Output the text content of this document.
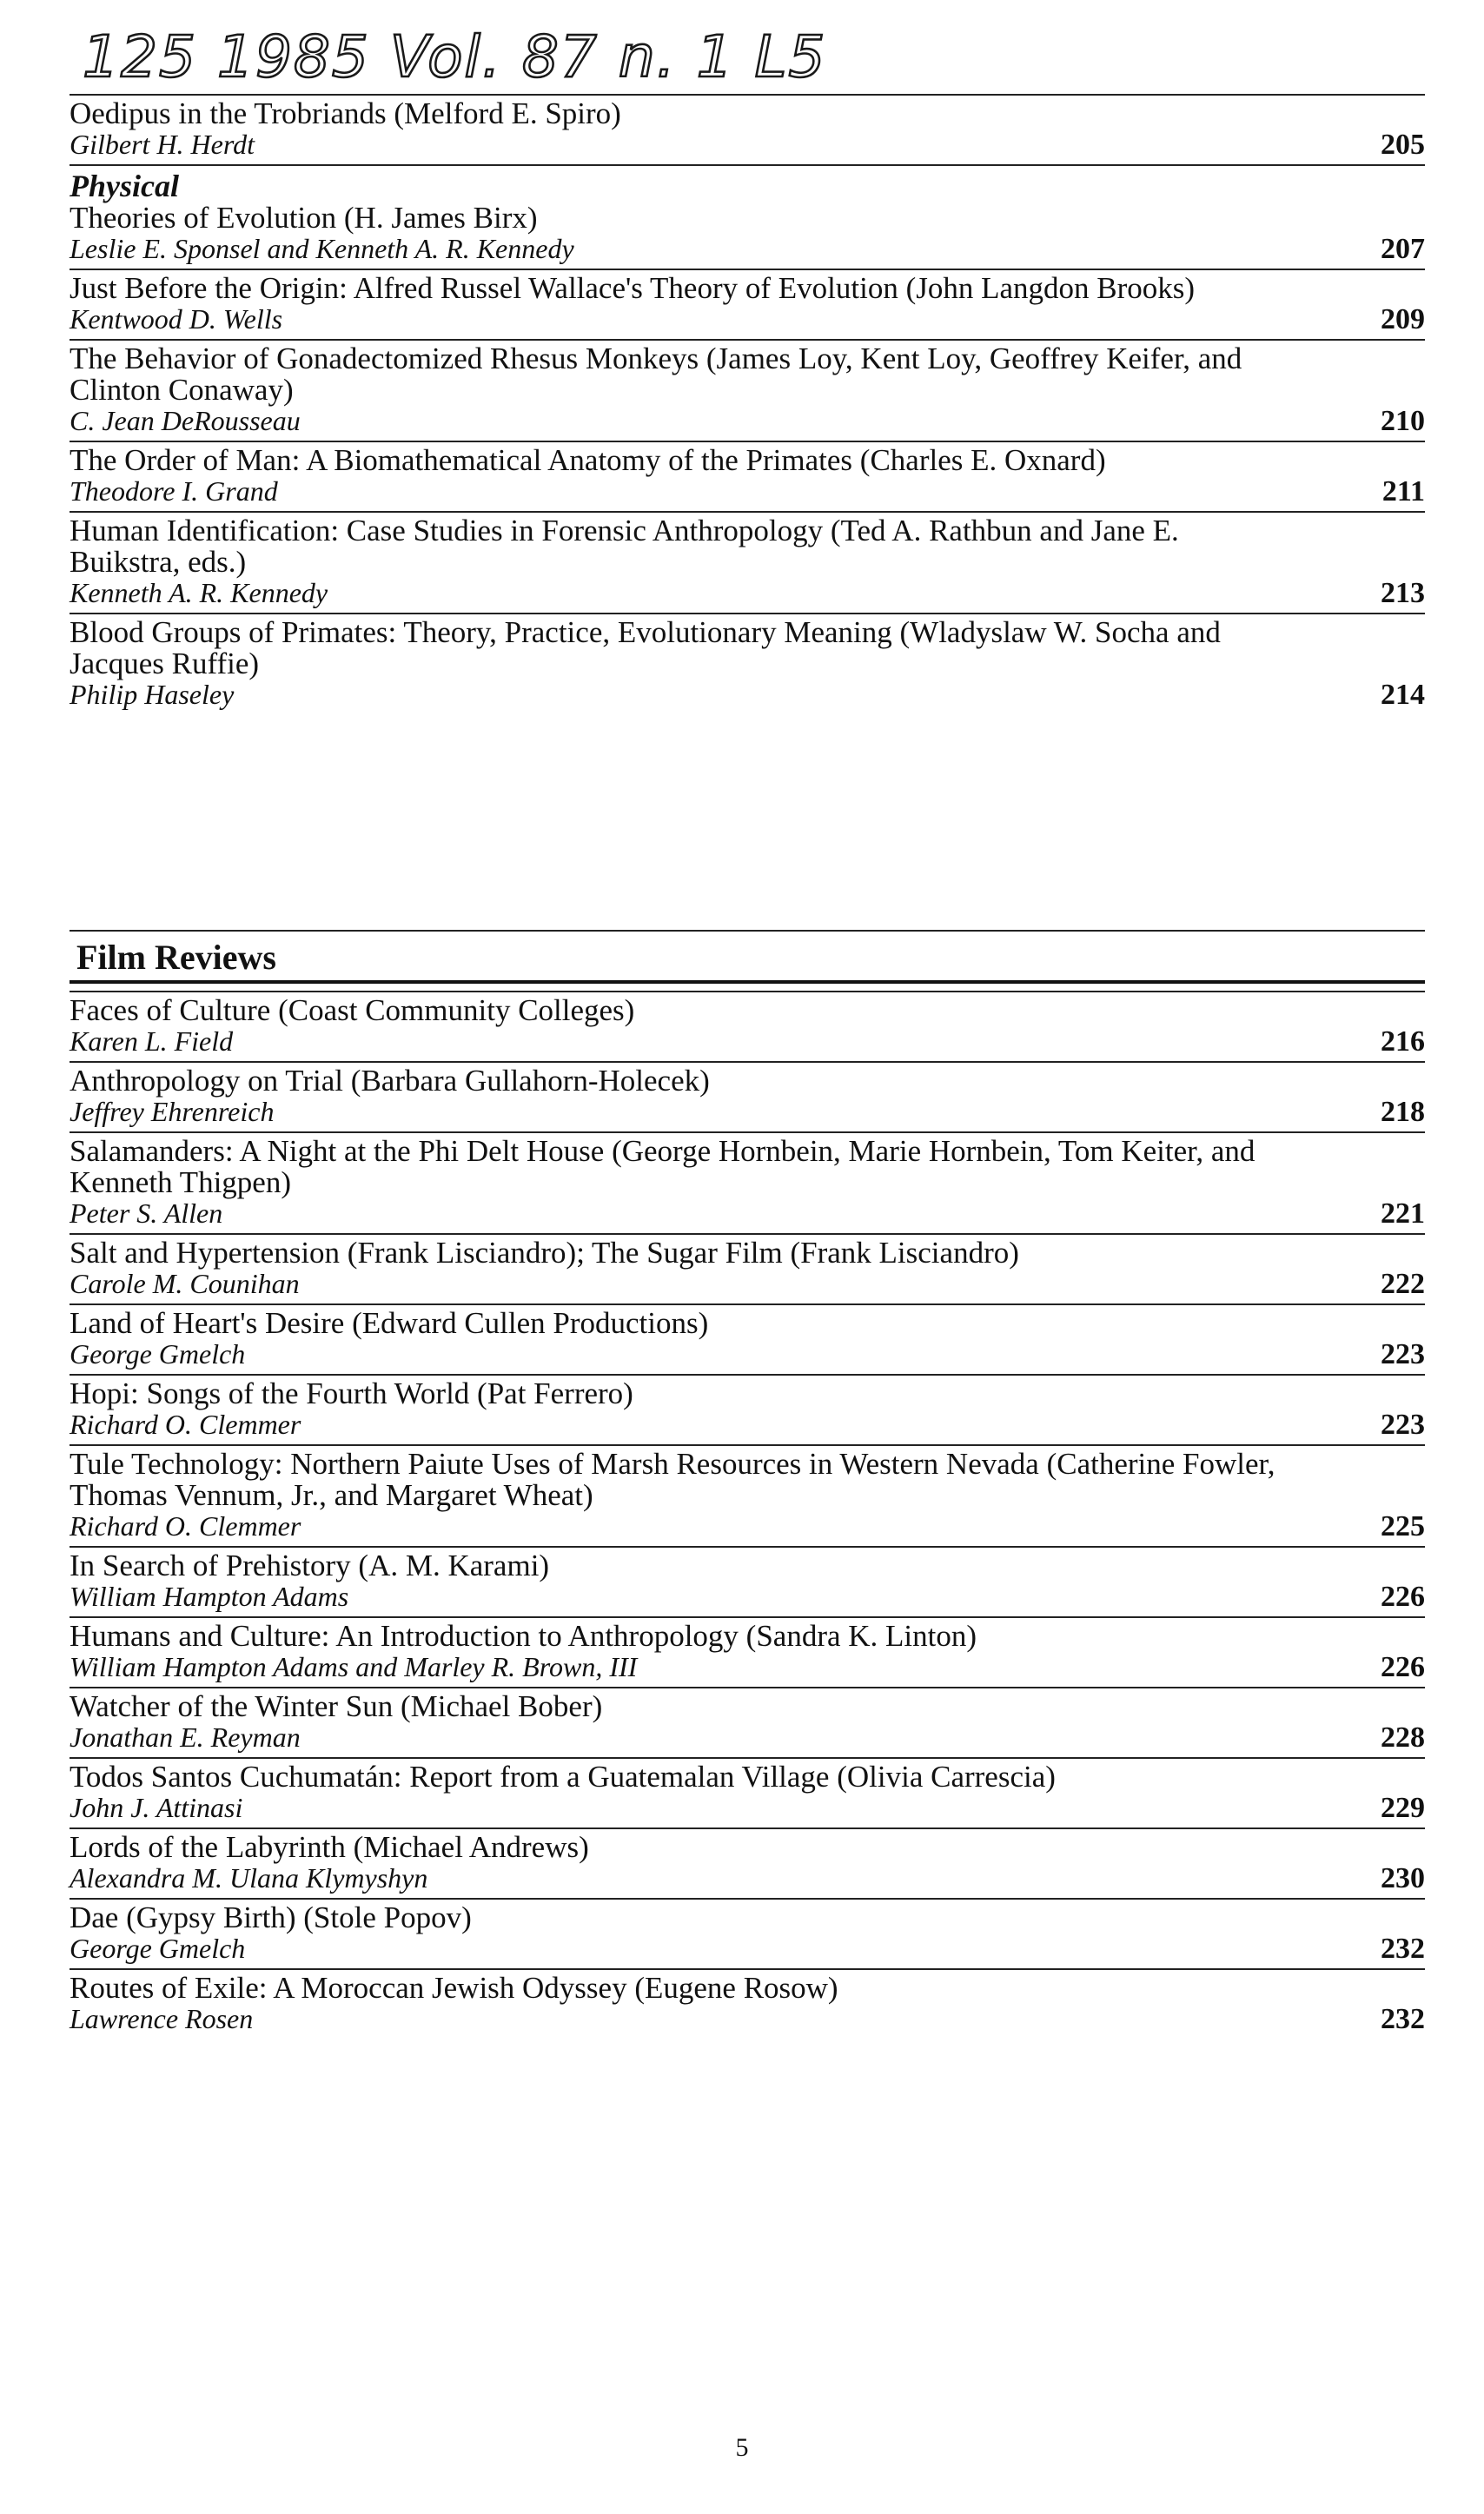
125 1985 Vol. 87 n. 1 L5
Oedipus in the Trobriands (Melford E. Spiro)
Gilbert H. Herdt	205
Physical
Theories of Evolution (H. James Birx)
Leslie E. Sponsel and Kenneth A. R. Kennedy	207
Just Before the Origin: Alfred Russel Wallace's Theory of Evolution (John Langdon Brooks)
Kentwood D. Wells	209
The Behavior of Gonadectomized Rhesus Monkeys (James Loy, Kent Loy, Geoffrey Keifer, and Clinton Conaway)
C. Jean DeRousseau	210
The Order of Man: A Biomathematical Anatomy of the Primates (Charles E. Oxnard)
Theodore I. Grand	211
Human Identification: Case Studies in Forensic Anthropology (Ted A. Rathbun and Jane E. Buikstra, eds.)
Kenneth A. R. Kennedy	213
Blood Groups of Primates: Theory, Practice, Evolutionary Meaning (Wladyslaw W. Socha and Jacques Ruffie)
Philip Haseley	214
Film Reviews
Faces of Culture (Coast Community Colleges)
Karen L. Field	216
Anthropology on Trial (Barbara Gullahorn-Holecek)
Jeffrey Ehrenreich	218
Salamanders: A Night at the Phi Delt House (George Hornbein, Marie Hornbein, Tom Keiter, and Kenneth Thigpen)
Peter S. Allen	221
Salt and Hypertension (Frank Lisciandro); The Sugar Film (Frank Lisciandro)
Carole M. Counihan	222
Land of Heart's Desire (Edward Cullen Productions)
George Gmelch	223
Hopi: Songs of the Fourth World (Pat Ferrero)
Richard O. Clemmer	223
Tule Technology: Northern Paiute Uses of Marsh Resources in Western Nevada (Catherine Fowler, Thomas Vennum, Jr., and Margaret Wheat)
Richard O. Clemmer	225
In Search of Prehistory (A. M. Karami)
William Hampton Adams	226
Humans and Culture: An Introduction to Anthropology (Sandra K. Linton)
William Hampton Adams and Marley R. Brown, III	226
Watcher of the Winter Sun (Michael Bober)
Jonathan E. Reyman	228
Todos Santos Cuchumatán: Report from a Guatemalan Village (Olivia Carrescia)
John J. Attinasi	229
Lords of the Labyrinth (Michael Andrews)
Alexandra M. Ulana Klymyshyn	230
Dae (Gypsy Birth) (Stole Popov)
George Gmelch	232
Routes of Exile: A Moroccan Jewish Odyssey (Eugene Rosow)
Lawrence Rosen	232
5
